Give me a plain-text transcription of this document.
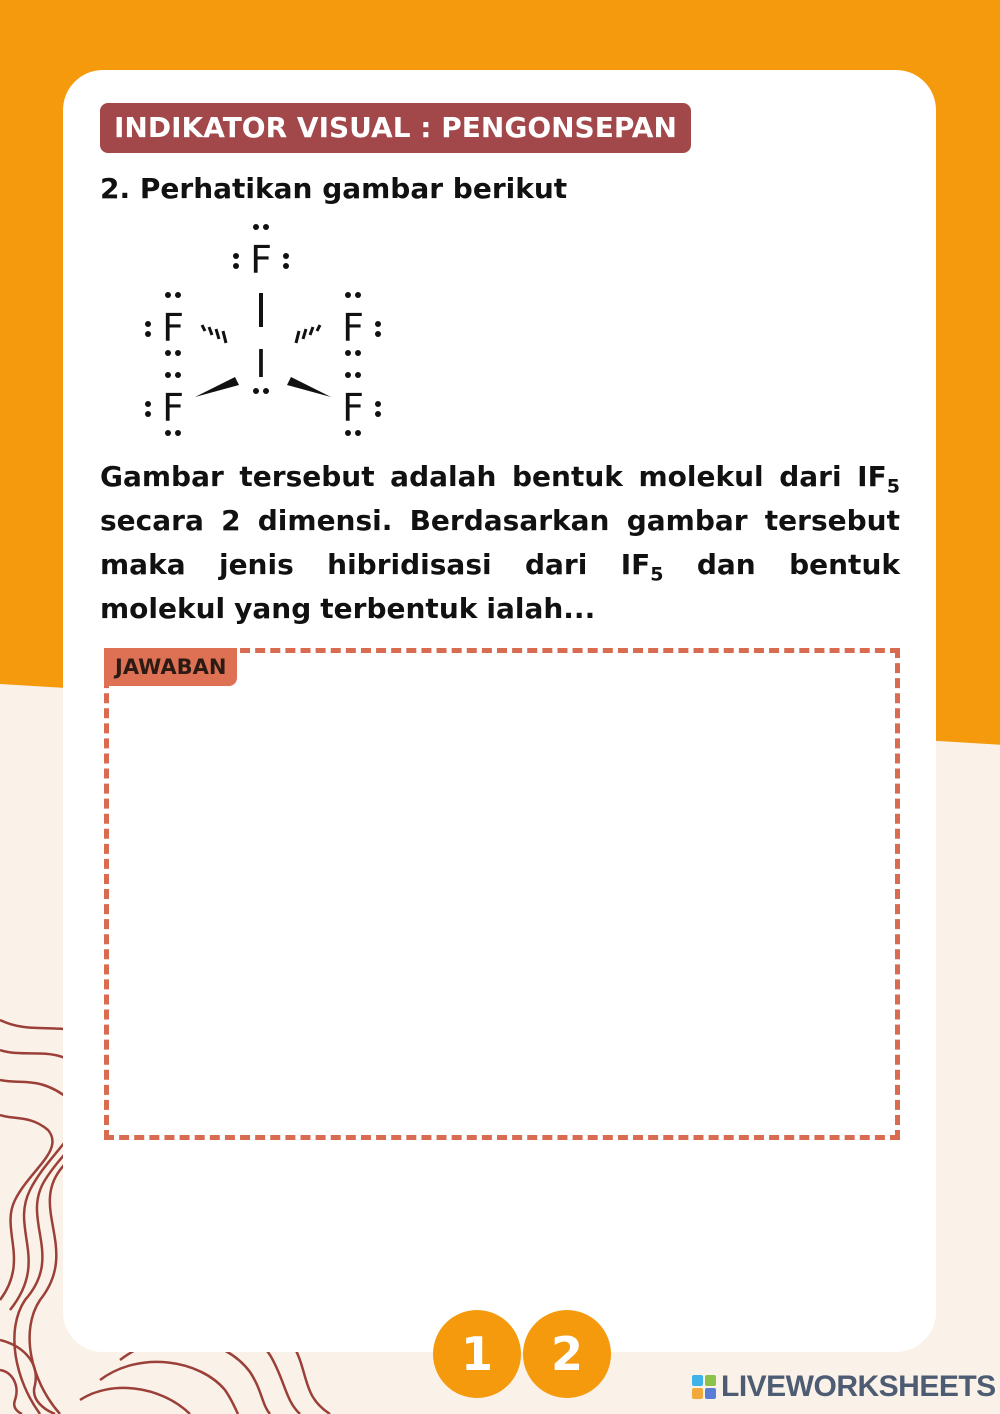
INDIKATOR VISUAL : PENGONSEPAN
2. Perhatikan gambar berikut
F
F	F
F	F
I
Gambar tersebut adalah bentuk molekul dari $IF_5$
secara 2 dimensi. Berdasarkan gambar tersebut
maka jenis hibridisasi dari $IF_5$ dan bentuk
molekul yang terbentuk ialah...
JAWABAN
1	2
LIVEWORKSHEETS
